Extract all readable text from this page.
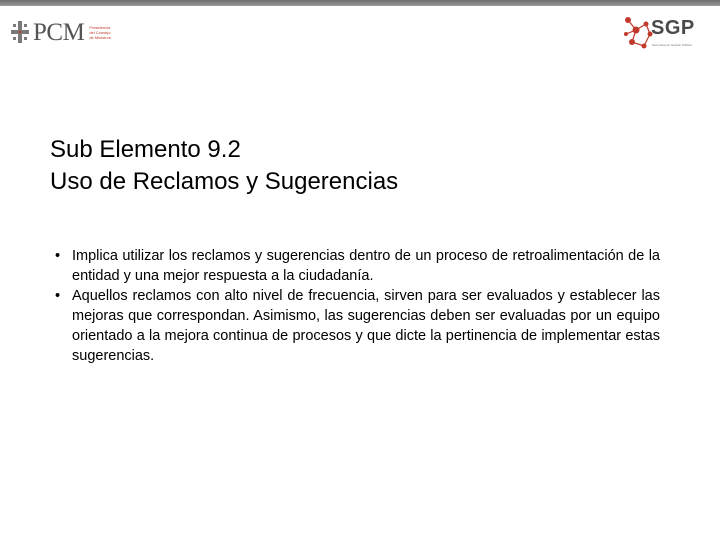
PCM Presidencia
del Consejo
de Ministros	SGP
Secretaría de Gestión Pública
Sub Elemento 9.2
Uso de Reclamos y Sugerencias
• Implica utilizar los reclamos y sugerencias dentro de un proceso de retroalimentación de la entidad y una mejor respuesta a la ciudadanía.
• Aquellos reclamos con alto nivel de frecuencia, sirven para ser evaluados y establecer las mejoras que correspondan. Asimismo, las sugerencias deben ser evaluadas por un equipo orientado a la mejora continua de procesos y que dicte la pertinencia de implementar estas sugerencias.
